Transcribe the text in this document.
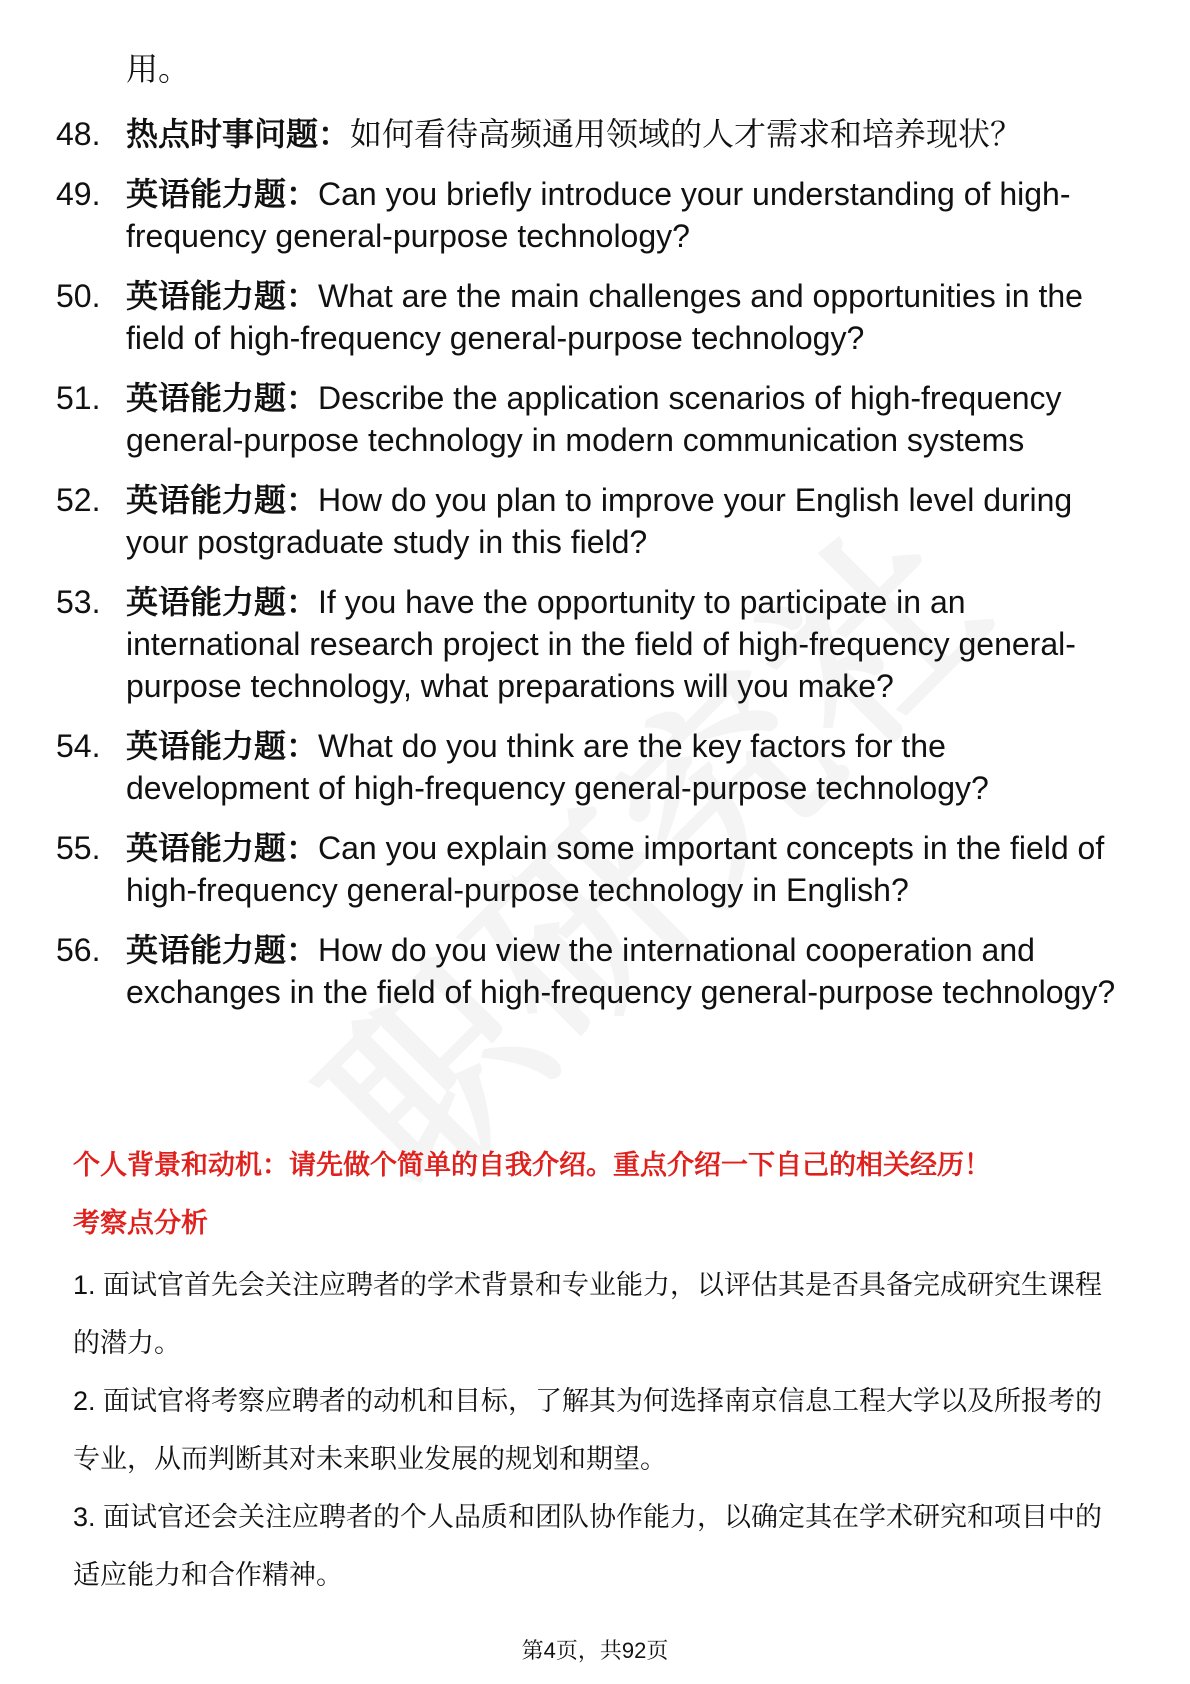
用。
48. 热点时事问题：如何看待高频通用领域的人才需求和培养现状？
49. 英语能力题：Can you briefly introduce your understanding of high-frequency general-purpose technology?
50. 英语能力题：What are the main challenges and opportunities in the field of high-frequency general-purpose technology?
51. 英语能力题：Describe the application scenarios of high-frequency general-purpose technology in modern communication systems
52. 英语能力题：How do you plan to improve your English level during your postgraduate study in this field?
53. 英语能力题：If you have the opportunity to participate in an international research project in the field of high-frequency general-purpose technology, what preparations will you make?
54. 英语能力题：What do you think are the key factors for the development of high-frequency general-purpose technology?
55. 英语能力题：Can you explain some important concepts in the field of high-frequency general-purpose technology in English?
56. 英语能力题：How do you view the international cooperation and exchanges in the field of high-frequency general-purpose technology?
个人背景和动机：请先做个简单的自我介绍。重点介绍一下自己的相关经历！
考察点分析
1. 面试官首先会关注应聘者的学术背景和专业能力，以评估其是否具备完成研究生课程的潜力。
2. 面试官将考察应聘者的动机和目标，了解其为何选择南京信息工程大学以及所报考的专业，从而判断其对未来职业发展的规划和期望。
3. 面试官还会关注应聘者的个人品质和团队协作能力，以确定其在学术研究和项目中的适应能力和合作精神。
第4页，共92页
